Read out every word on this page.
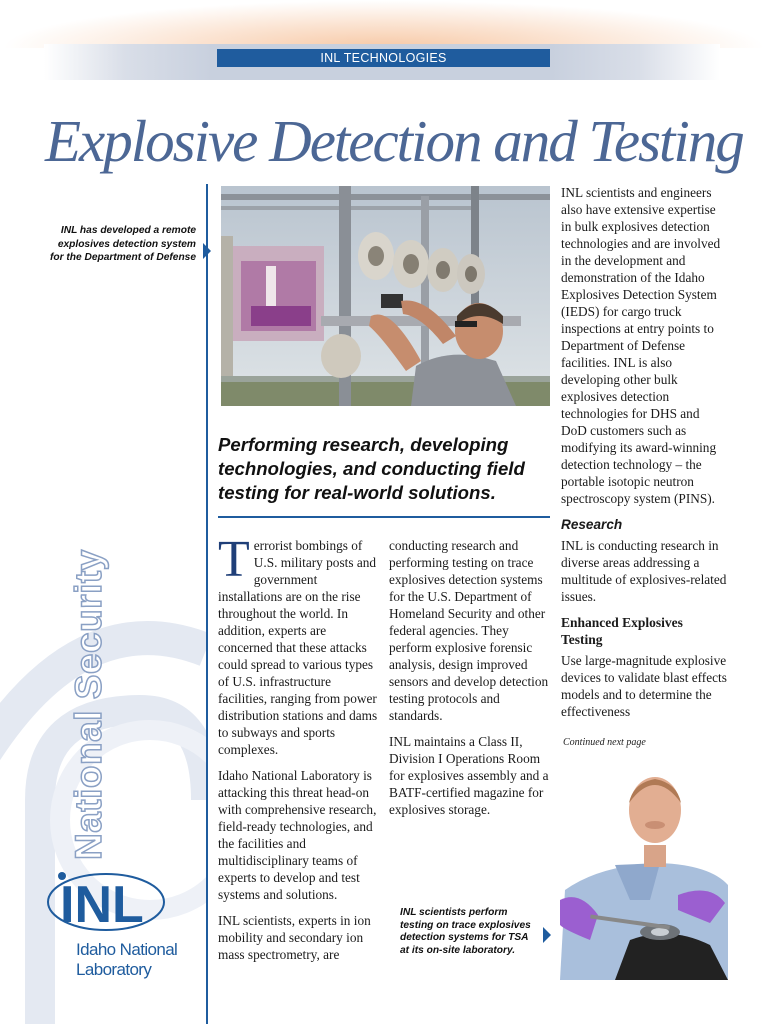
INL TECHNOLOGIES
Explosive Detection and Testing
National Security
INL
Idaho National
Laboratory
INL has developed a remote explosives detection system for the Department of Defense
Performing research, developing technologies, and conducting field testing for real-world solutions.

Terrorist bombings of U.S. military posts and government installations are on the rise throughout the world. In addition, experts are concerned that these attacks could spread to various types of U.S. infrastructure facilities, ranging from power distribution stations and dams to subways and sports complexes.

Idaho National Laboratory is attacking this threat head-on with comprehensive research, field-ready technologies, and the facilities and multidisciplinary teams of experts to develop and test systems and solutions.

INL scientists, experts in ion mobility and secondary ion mass spectrometry, are

conducting research and performing testing on trace explosives detection systems for the U.S. Department of Homeland Security and other federal agencies. They perform explosive forensic analysis, design improved sensors and develop detection testing protocols and standards.

INL maintains a Class II, Division I Operations Room for explosives assembly and a BATF-certified magazine for explosives storage.

INL scientists and engineers also have extensive expertise in bulk explosives detection technologies and are involved in the development and demonstration of the Idaho Explosives Detection System (IEDS) for cargo truck inspections at entry points to Department of Defense facilities. INL is also developing other bulk explosives detection technologies for DHS and DoD customers such as modifying its award-winning detection technology – the portable isotopic neutron spectroscopy system (PINS).

Research

INL is conducting research in diverse areas addressing a multitude of explosives-related issues.

Enhanced Explosives Testing

Use large-magnitude explosive devices to validate blast effects models and to determine the effectiveness

Continued next page
INL scientists perform testing on trace explosives detection systems for TSA at its on-site laboratory.
